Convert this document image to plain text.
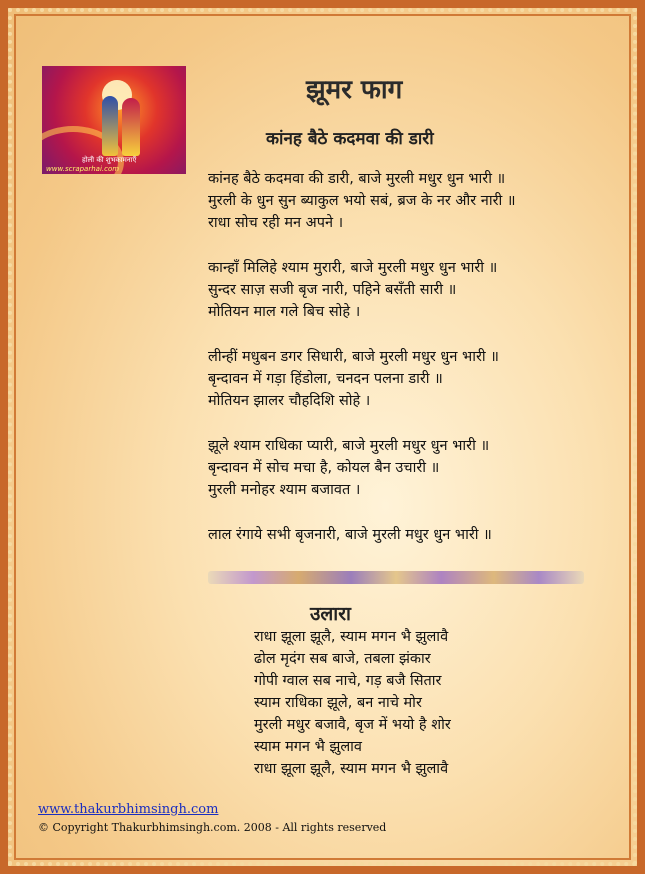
होली की शुभकामनाएँ
www.scraparhai.com
झूमर फाग
कांनह बैठे कदमवा की डारी
कांनह बैठे कदमवा की डारी, बाजे मुरली मधुर धुन भारी ॥
मुरली के धुन सुन ब्याकुल भयो सबं, ब्रज के नर और नारी ॥
राधा सोच रही मन अपने ।
कान्हाँ मिलिहे श्याम मुरारी, बाजे मुरली मधुर धुन भारी ॥
सुन्दर साज़ सजी बृज नारी, पहिने बसँती सारी ॥
मोतियन माल गले बिच सोहे ।
लीन्हीं मधुबन डगर सिधारी, बाजे मुरली मधुर धुन भारी ॥
बृन्दावन में गड़ा हिंडोला, चनदन पलना डारी ॥
मोतियन झालर चौहदिशि सोहे ।
झूले श्याम राधिका प्यारी, बाजे मुरली मधुर धुन भारी ॥
बृन्दावन में सोच मचा है, कोयल बैन उचारी ॥
मुरली मनोहर श्याम बजावत ।
लाल रंगाये सभी बृजनारी, बाजे मुरली मधुर धुन भारी ॥
उलारा
राधा झूला झूलै, स्याम मगन भै झुलावै
ढोल मृदंग सब बाजे, तबला झंकार
गोपी ग्वाल सब नाचे, गड़ बजै सितार
स्याम राधिका झूले, बन नाचे मोर
मुरली मधुर बजावै, बृज में भयो है शोर
स्याम मगन भै झुलाव
राधा झूला झूलै, स्याम मगन भै झुलावै
www.thakurbhimsingh.com
© Copyright Thakurbhimsingh.com. 2008 - All rights reserved
